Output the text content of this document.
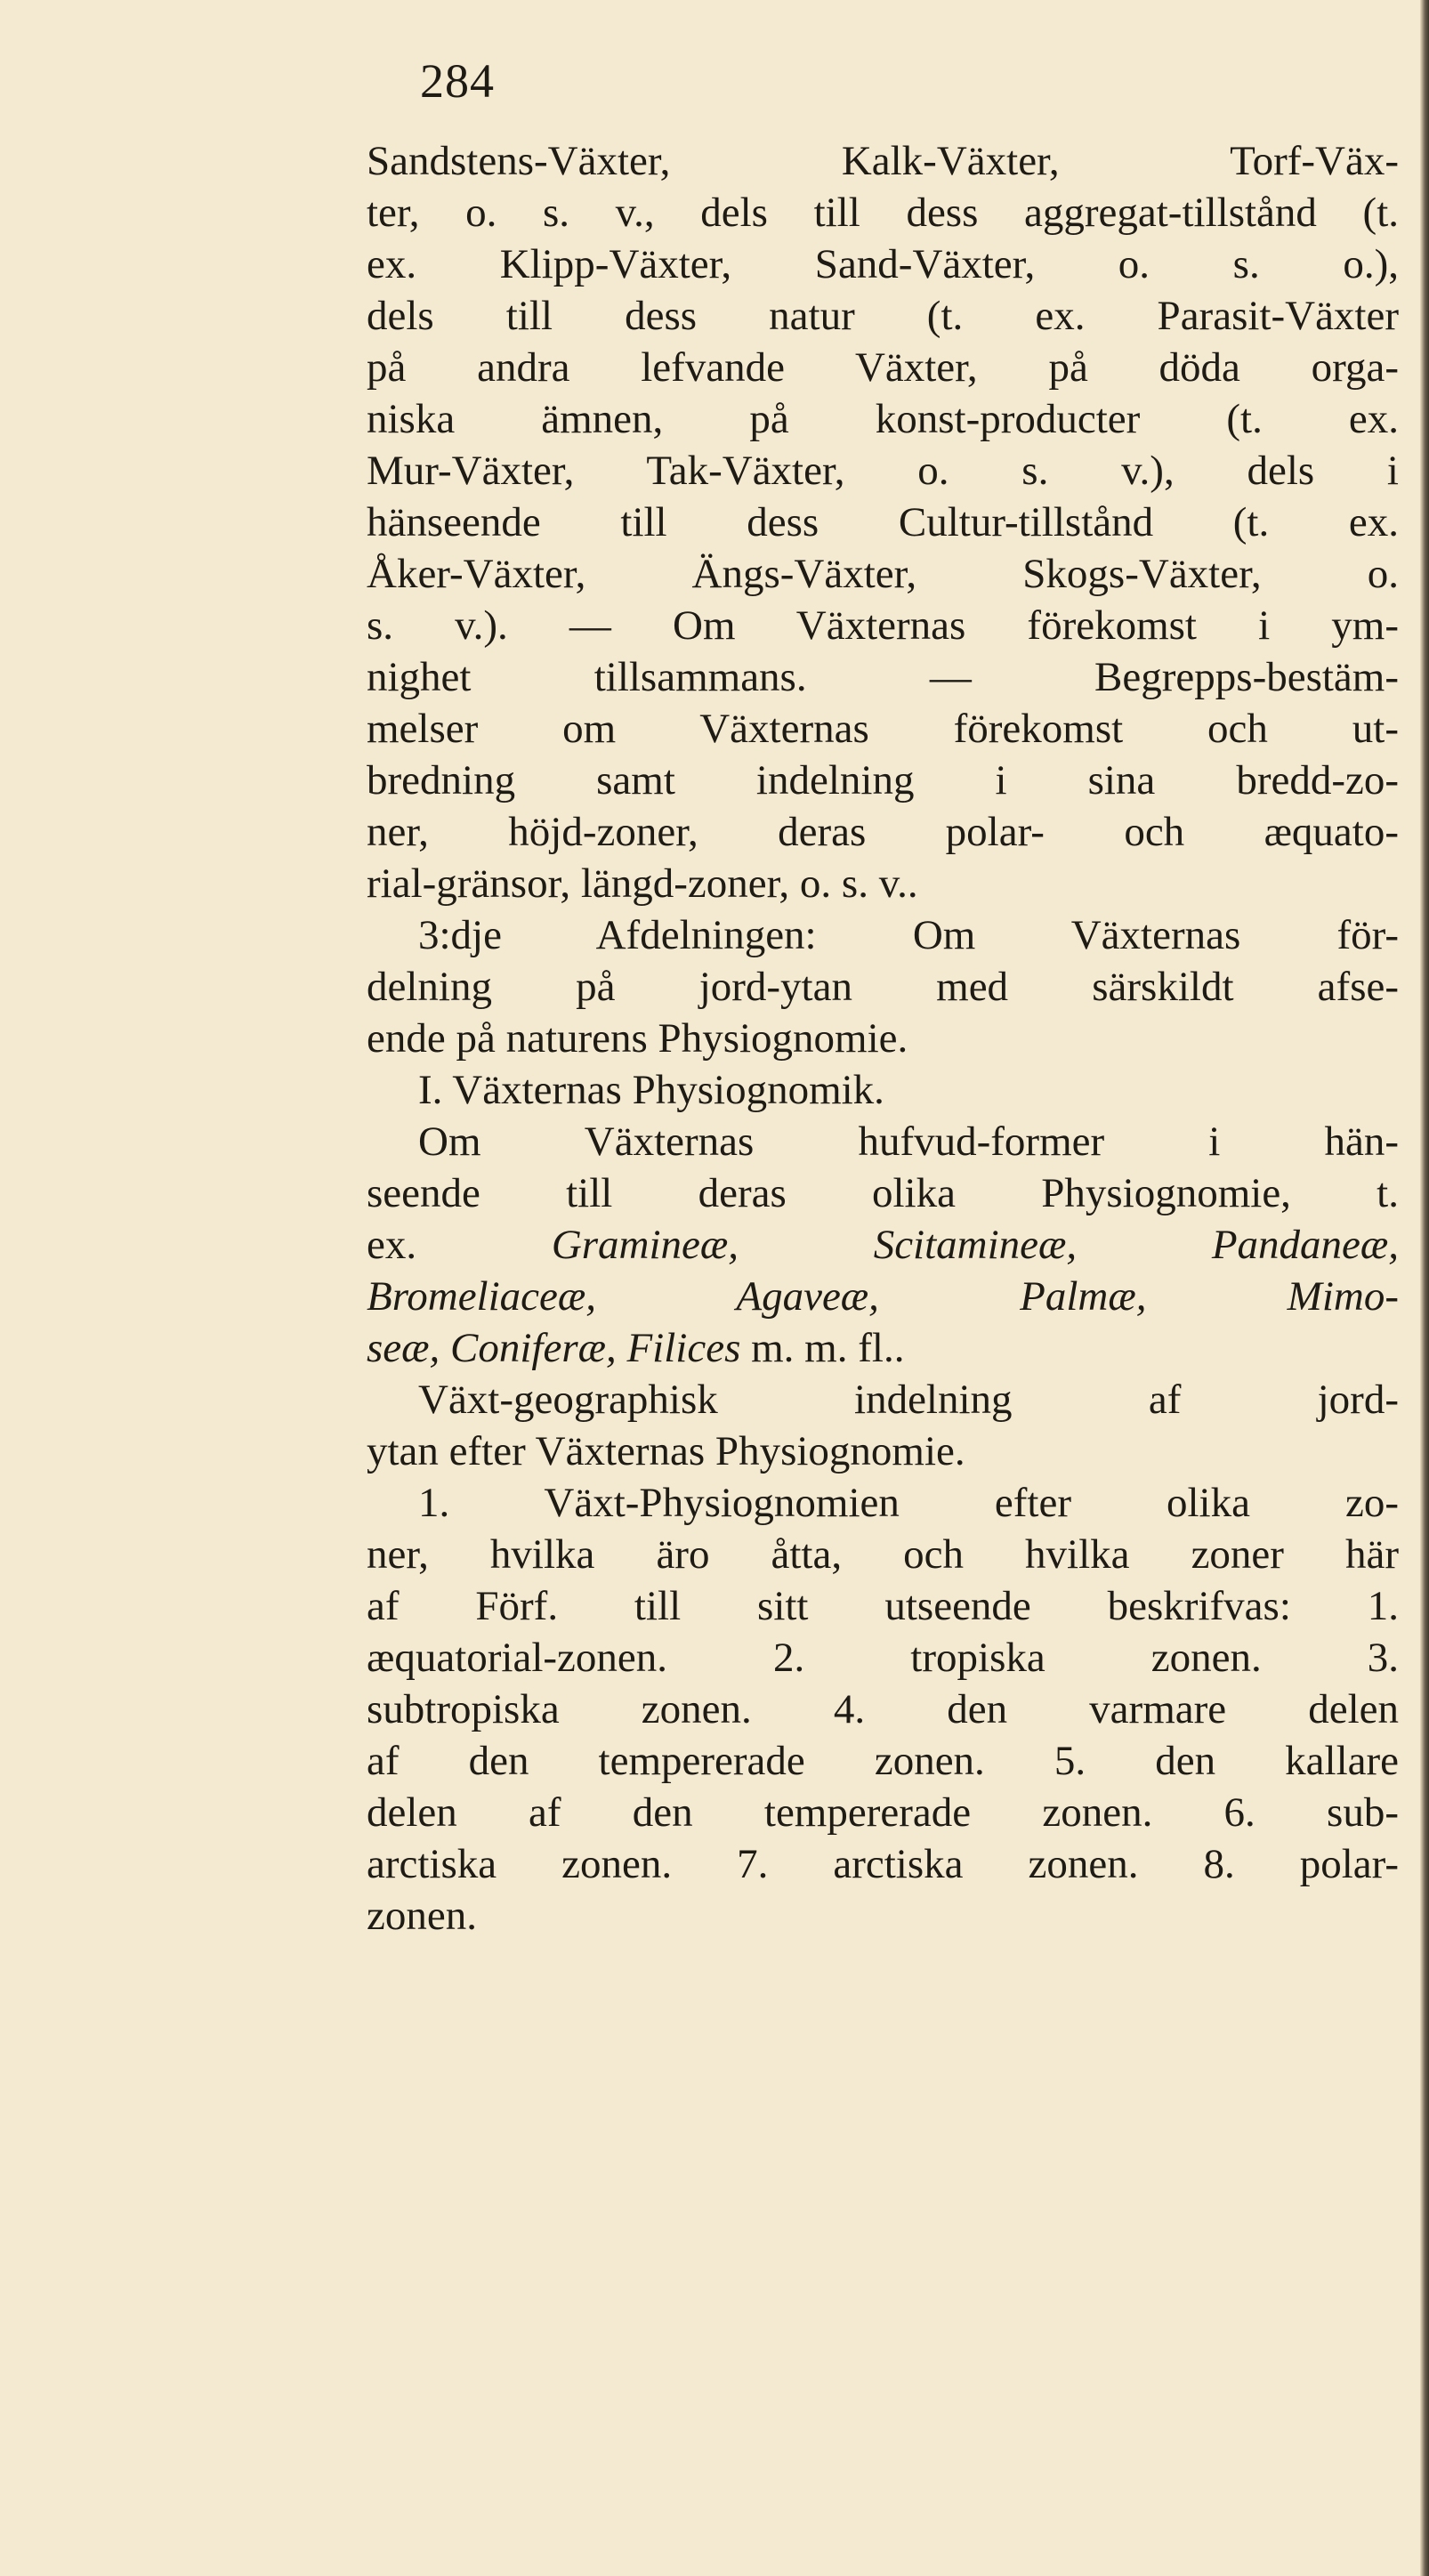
284
Sandstens-Växter, Kalk-Växter, Torf-Väx-
ter, o. s. v., dels till dess aggregat-tillstånd (t.
ex. Klipp-Växter, Sand-Växter, o. s. o.),
dels till dess natur (t. ex. Parasit-Växter
på andra lefvande Växter, på döda orga-
niska ämnen, på konst-producter (t. ex.
Mur-Växter, Tak-Växter, o. s. v.), dels i
hänseende till dess Cultur-tillstånd (t. ex.
Åker-Växter, Ängs-Växter, Skogs-Växter, o.
s. v.). — Om Växternas förekomst i ym-
nighet tillsammans. — Begrepps-bestäm-
melser om Växternas förekomst och ut-
bredning samt indelning i sina bredd-zo-
ner, höjd-zoner, deras polar- och æquato-
rial-gränsor, längd-zoner, o. s. v..
3:dje Afdelningen: Om Växternas för-
delning på jord-ytan med särskildt afse-
ende på naturens Physiognomie.
I. Växternas Physiognomik.
Om Växternas hufvud-former i hän-
seende till deras olika Physiognomie, t.
ex. Gramineæ, Scitamineæ, Pandaneæ,
Bromeliaceæ, Agaveæ, Palmæ, Mimo-
seæ, Coniferæ, Filices m. m. fl..
Växt-geographisk indelning af jord-
ytan efter Växternas Physiognomie.
1. Växt-Physiognomien efter olika zo-
ner, hvilka äro åtta, och hvilka zoner här
af Förf. till sitt utseende beskrifvas: 1.
æquatorial-zonen. 2. tropiska zonen. 3.
subtropiska zonen. 4. den varmare delen
af den tempererade zonen. 5. den kallare
delen af den tempererade zonen. 6. sub-
arctiska zonen. 7. arctiska zonen. 8. polar-
zonen.
